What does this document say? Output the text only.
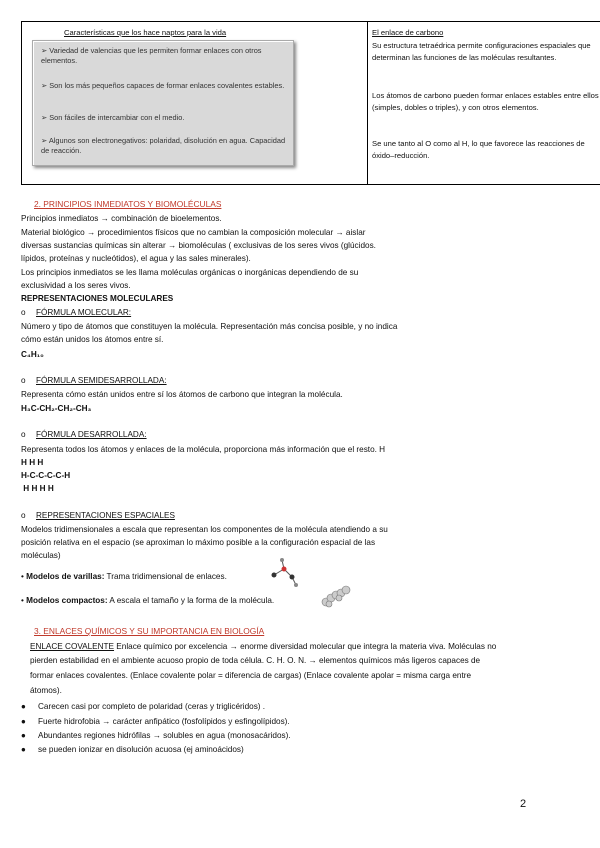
Características que los hace naptos para la vida
➢ Variedad de valencias que les permiten formar enlaces con otros elementos.
➢ Son los más pequeños capaces de formar enlaces covalentes estables.
➢ Son fáciles de intercambiar con el medio.
➢ Algunos son electronegativos: polaridad, disolución en agua. Capacidad de reacción.
El enlace de carbono
Su estructura tetraédrica permite configuraciones espaciales que determinan las funciones de las moléculas resultantes.
Los átomos de carbono pueden formar enlaces estables entre ellos (simples, dobles o triples), y con otros elementos.
Se une tanto al O como al H, lo que favorece las reacciones de óxido–reducción.
2. PRINCIPIOS INMEDIATOS Y BIOMOLÉCULAS
Principios inmediatos → combinación de bioelementos.
Material biológico → procedimientos físicos que no cambian la composición molecular → aislar
diversas sustancias químicas sin alterar → biomoléculas ( exclusivas de los seres vivos (glúcidos.
lípidos, proteínas y nucleótidos), el agua y las sales minerales).
Los principios inmediatos se les llama moléculas orgánicas o inorgánicas dependiendo de su
exclusividad a los seres vivos.
REPRESENTACIONES MOLECULARES
o FÓRMULA MOLECULAR:
Número y tipo de átomos que constituyen la molécula. Representación más concisa posible, y no indica
cómo están unidos los átomos entre sí.
C₄H₁₀
o FÓRMULA SEMIDESARROLLADA:
Representa cómo están unidos entre sí los átomos de carbono que integran la molécula.
H₃C-CH₂-CH₂-CH₃
o FÓRMULA DESARROLLADA:
Representa todos los átomos y enlaces de la molécula, proporciona más información que el resto. H
H H H
H-C-C-C-C-H
H H H H
o REPRESENTACIONES ESPACIALES
Modelos tridimensionales a escala que representan los componentes de la molécula atendiendo a su
posición relativa en el espacio (se aproximan lo máximo posible a la configuración espacial de las
moléculas)
• Modelos de varillas: Trama tridimensional de enlaces.
• Modelos compactos: A escala el tamaño y la forma de la molécula.
3. ENLACES QUÍMICOS Y SU IMPORTANCIA EN BIOLOGÍA
ENLACE COVALENTE Enlace químico por excelencia → enorme diversidad molecular que integra la materia viva. Moléculas no
pierden estabilidad en el ambiente acuoso propio de toda célula. C. H. O. N. → elementos químicos más ligeros capaces de
formar enlaces covalentes. (Enlace covalente polar = diferencia de cargas) (Enlace covalente apolar = misma carga entre
átomos).
● Carecen casi por completo de polaridad (ceras y triglicéridos) .
● Fuerte hidrofobia → carácter anfipático (fosfolípidos y esfingolípidos).
● Abundantes regiones hidrófilas → solubles en agua (monosacáridos).
● se pueden ionizar en disolución acuosa (ej aminoácidos)
2
